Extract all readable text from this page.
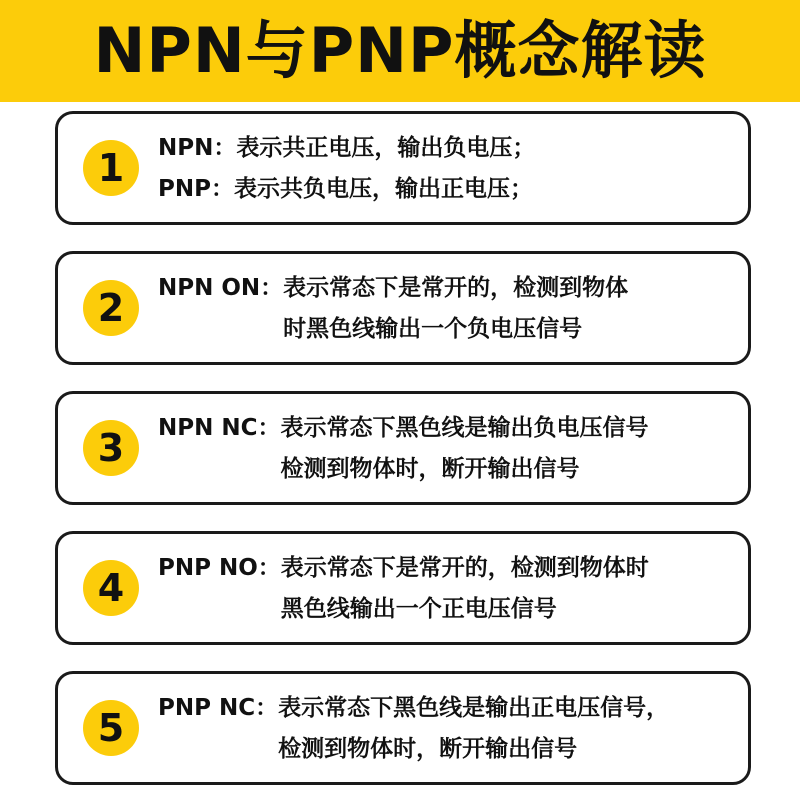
NPN与PNP概念解读
1	NPN：表示共正电压，输出负电压；
PNP：表示共负电压，输出正电压；
2	NPN ON： 表示常态下是常开的，检测到物体
时黑色线输出一个负电压信号
3	NPN NC： 表示常态下黑色线是输出负电压信号
检测到物体时，断开输出信号
4	PNP NO： 表示常态下是常开的，检测到物体时
黑色线输出一个正电压信号
5	PNP NC： 表示常态下黑色线是输出正电压信号，
检测到物体时，断开输出信号
